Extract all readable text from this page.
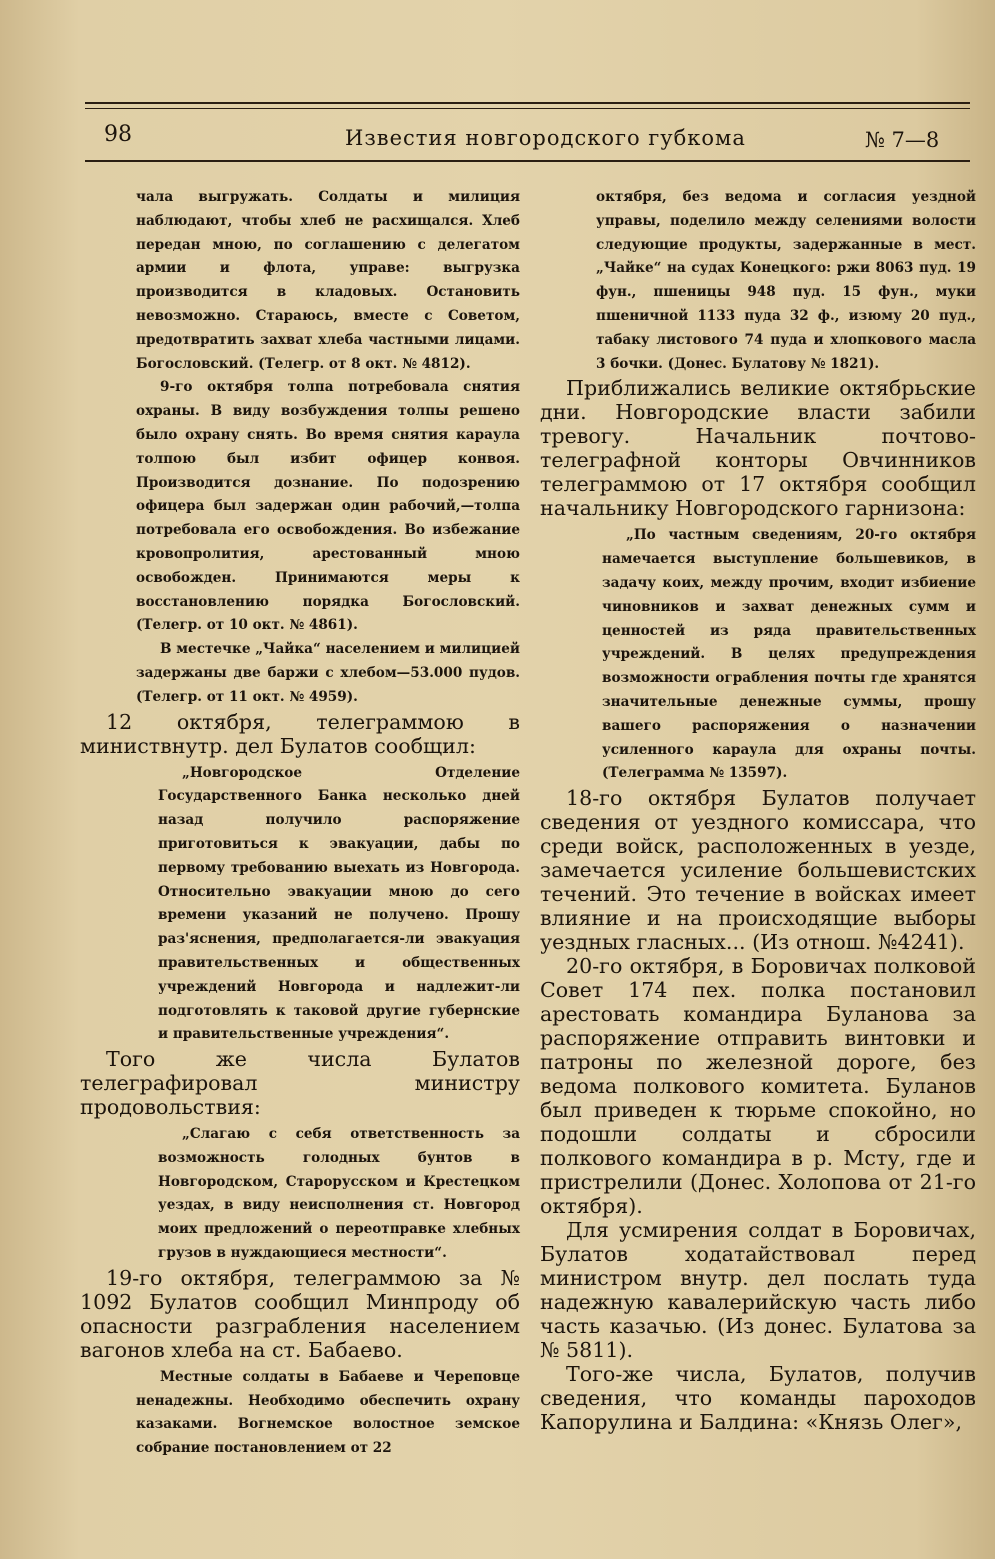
98	Известия новгородского губкома	№ 7—8

чала выгружать. Солдаты и милиция наблюдают, чтобы хлеб не расхищался. Хлеб передан мною, по соглашению с делегатом армии и флота, управе: выгрузка производится в кладовых. Остановить невозможно. Стараюсь, вместе с Советом, предотвратить захват хлеба частными лицами. Богословский. (Телегр. от 8 окт. № 4812).

9-го октября толпа потребовала снятия охраны. В виду возбуждения толпы решено было охрану снять. Во время снятия караула толпою был избит офицер конвоя. Производится дознание. По подозрению офицера был задержан один рабочий,—толпа потребовала его освобождения. Во избежание кровопролития, арестованный мною освобожден. Принимаются меры к восстановлению порядка Богословский. (Телегр. от 10 окт. № 4861).

В местечке „Чайка“ населением и милицией задержаны две баржи с хлебом—53.000 пудов. (Телегр. от 11 окт. № 4959).

12 октября, телеграммою в министвнутр. дел Булатов сообщил:

„Новгородское Отделение Государственного Банка несколько дней назад получило распоряжение приготовиться к эвакуации, дабы по первому требованию выехать из Новгорода. Относительно эвакуации мною до сего времени указаний не получено. Прошу раз'яснения, предполагается-ли эвакуация правительственных и общественных учреждений Новгорода и надлежит-ли подготовлять к таковой другие губернские и правительственные учреждения“.

Того же числа Булатов телеграфировал министру продовольствия:

„Слагаю с себя ответственность за возможность голодных бунтов в Новгородском, Старорусском и Крестецком уездах, в виду неисполнения ст. Новгород моих предложений о переотправке хлебных грузов в нуждающиеся местности“.

19-го октября, телеграммою за № 1092 Булатов сообщил Минпроду об опасности разграбления населением вагонов хлеба на ст. Бабаево.

Местные солдаты в Бабаеве и Череповце ненадежны. Необходимо обеспечить охрану казаками. Вогнемское волостное земское собрание постановлением от 22

октября, без ведома и согласия уездной управы, поделило между селениями волости следующие продукты, задержанные в мест. „Чайке“ на судах Конецкого: ржи 8063 пуд. 19 фун., пшеницы 948 пуд. 15 фун., муки пшеничной 1133 пуда 32 ф., изюму 20 пуд., табаку листового 74 пуда и хлопкового масла 3 бочки. (Донес. Булатову № 1821).

Приближались великие октябрьские дни. Новгородские власти забили тревогу. Начальник почтово-телеграфной конторы Овчинников телеграммою от 17 октября сообщил начальнику Новгородского гарнизона:

„По частным сведениям, 20-го октября намечается выступление большевиков, в задачу коих, между прочим, входит избиение чиновников и захват денежных сумм и ценностей из ряда правительственных учреждений. В целях предупреждения возможности ограбления почты где хранятся значительные денежные суммы, прошу вашего распоряжения о назначении усиленного караула для охраны почты. (Телеграмма № 13597).

18-го октября Булатов получает сведения от уездного комиссара, что среди войск, расположенных в уезде, замечается усиление большевистских течений. Это течение в войсках имеет влияние и на происходящие выборы уездных гласных... (Из отнош. №4241).

20-го октября, в Боровичах полковой Совет 174 пех. полка постановил арестовать командира Буланова за распоряжение отправить винтовки и патроны по железной дороге, без ведома полкового комитета. Буланов был приведен к тюрьме спокойно, но подошли солдаты и сбросили полкового командира в р. Мсту, где и пристрелили (Донес. Холопова от 21-го октября).

Для усмирения солдат в Боровичах, Булатов ходатайствовал перед министром внутр. дел послать туда надежную кавалерийскую часть либо часть казачью. (Из донес. Булатова за № 5811).

Того-же числа, Булатов, получив сведения, что команды пароходов Капорулина и Балдина: «Князь Олег»,
